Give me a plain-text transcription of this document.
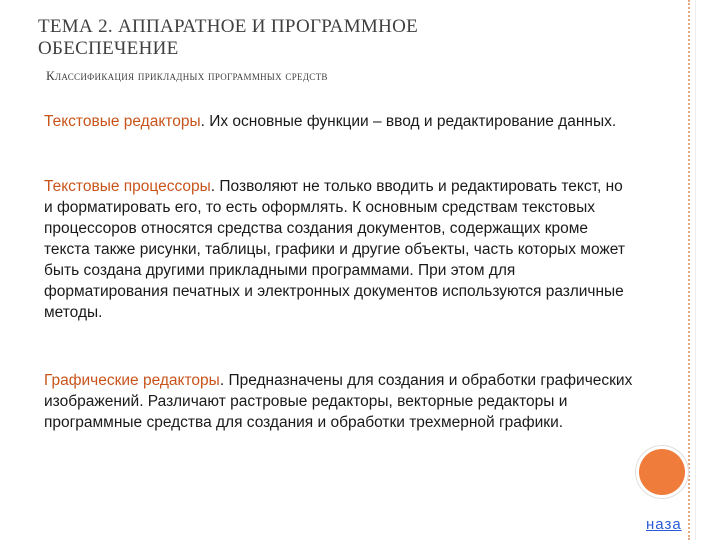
ТЕМА 2. АППАРАТНОЕ И ПРОГРАММНОЕ
ОБЕСПЕЧЕНИЕ
Классификация прикладных программных средств
Текстовые редакторы. Их основные функции – ввод и редактирование данных.
Текстовые процессоры. Позволяют не только вводить и редактировать текст, но и форматировать его, то есть оформлять. К основным средствам текстовых процессоров относятся средства создания документов, содержащих кроме текста также рисунки, таблицы, графики и другие объекты, часть которых может быть создана другими прикладными программами. При этом для форматирования печатных и электронных документов используются различные методы.
Графические редакторы. Предназначены для создания и обработки графических изображений. Различают растровые редакторы, векторные редакторы и программные средства для создания и обработки трехмерной графики.
наза
